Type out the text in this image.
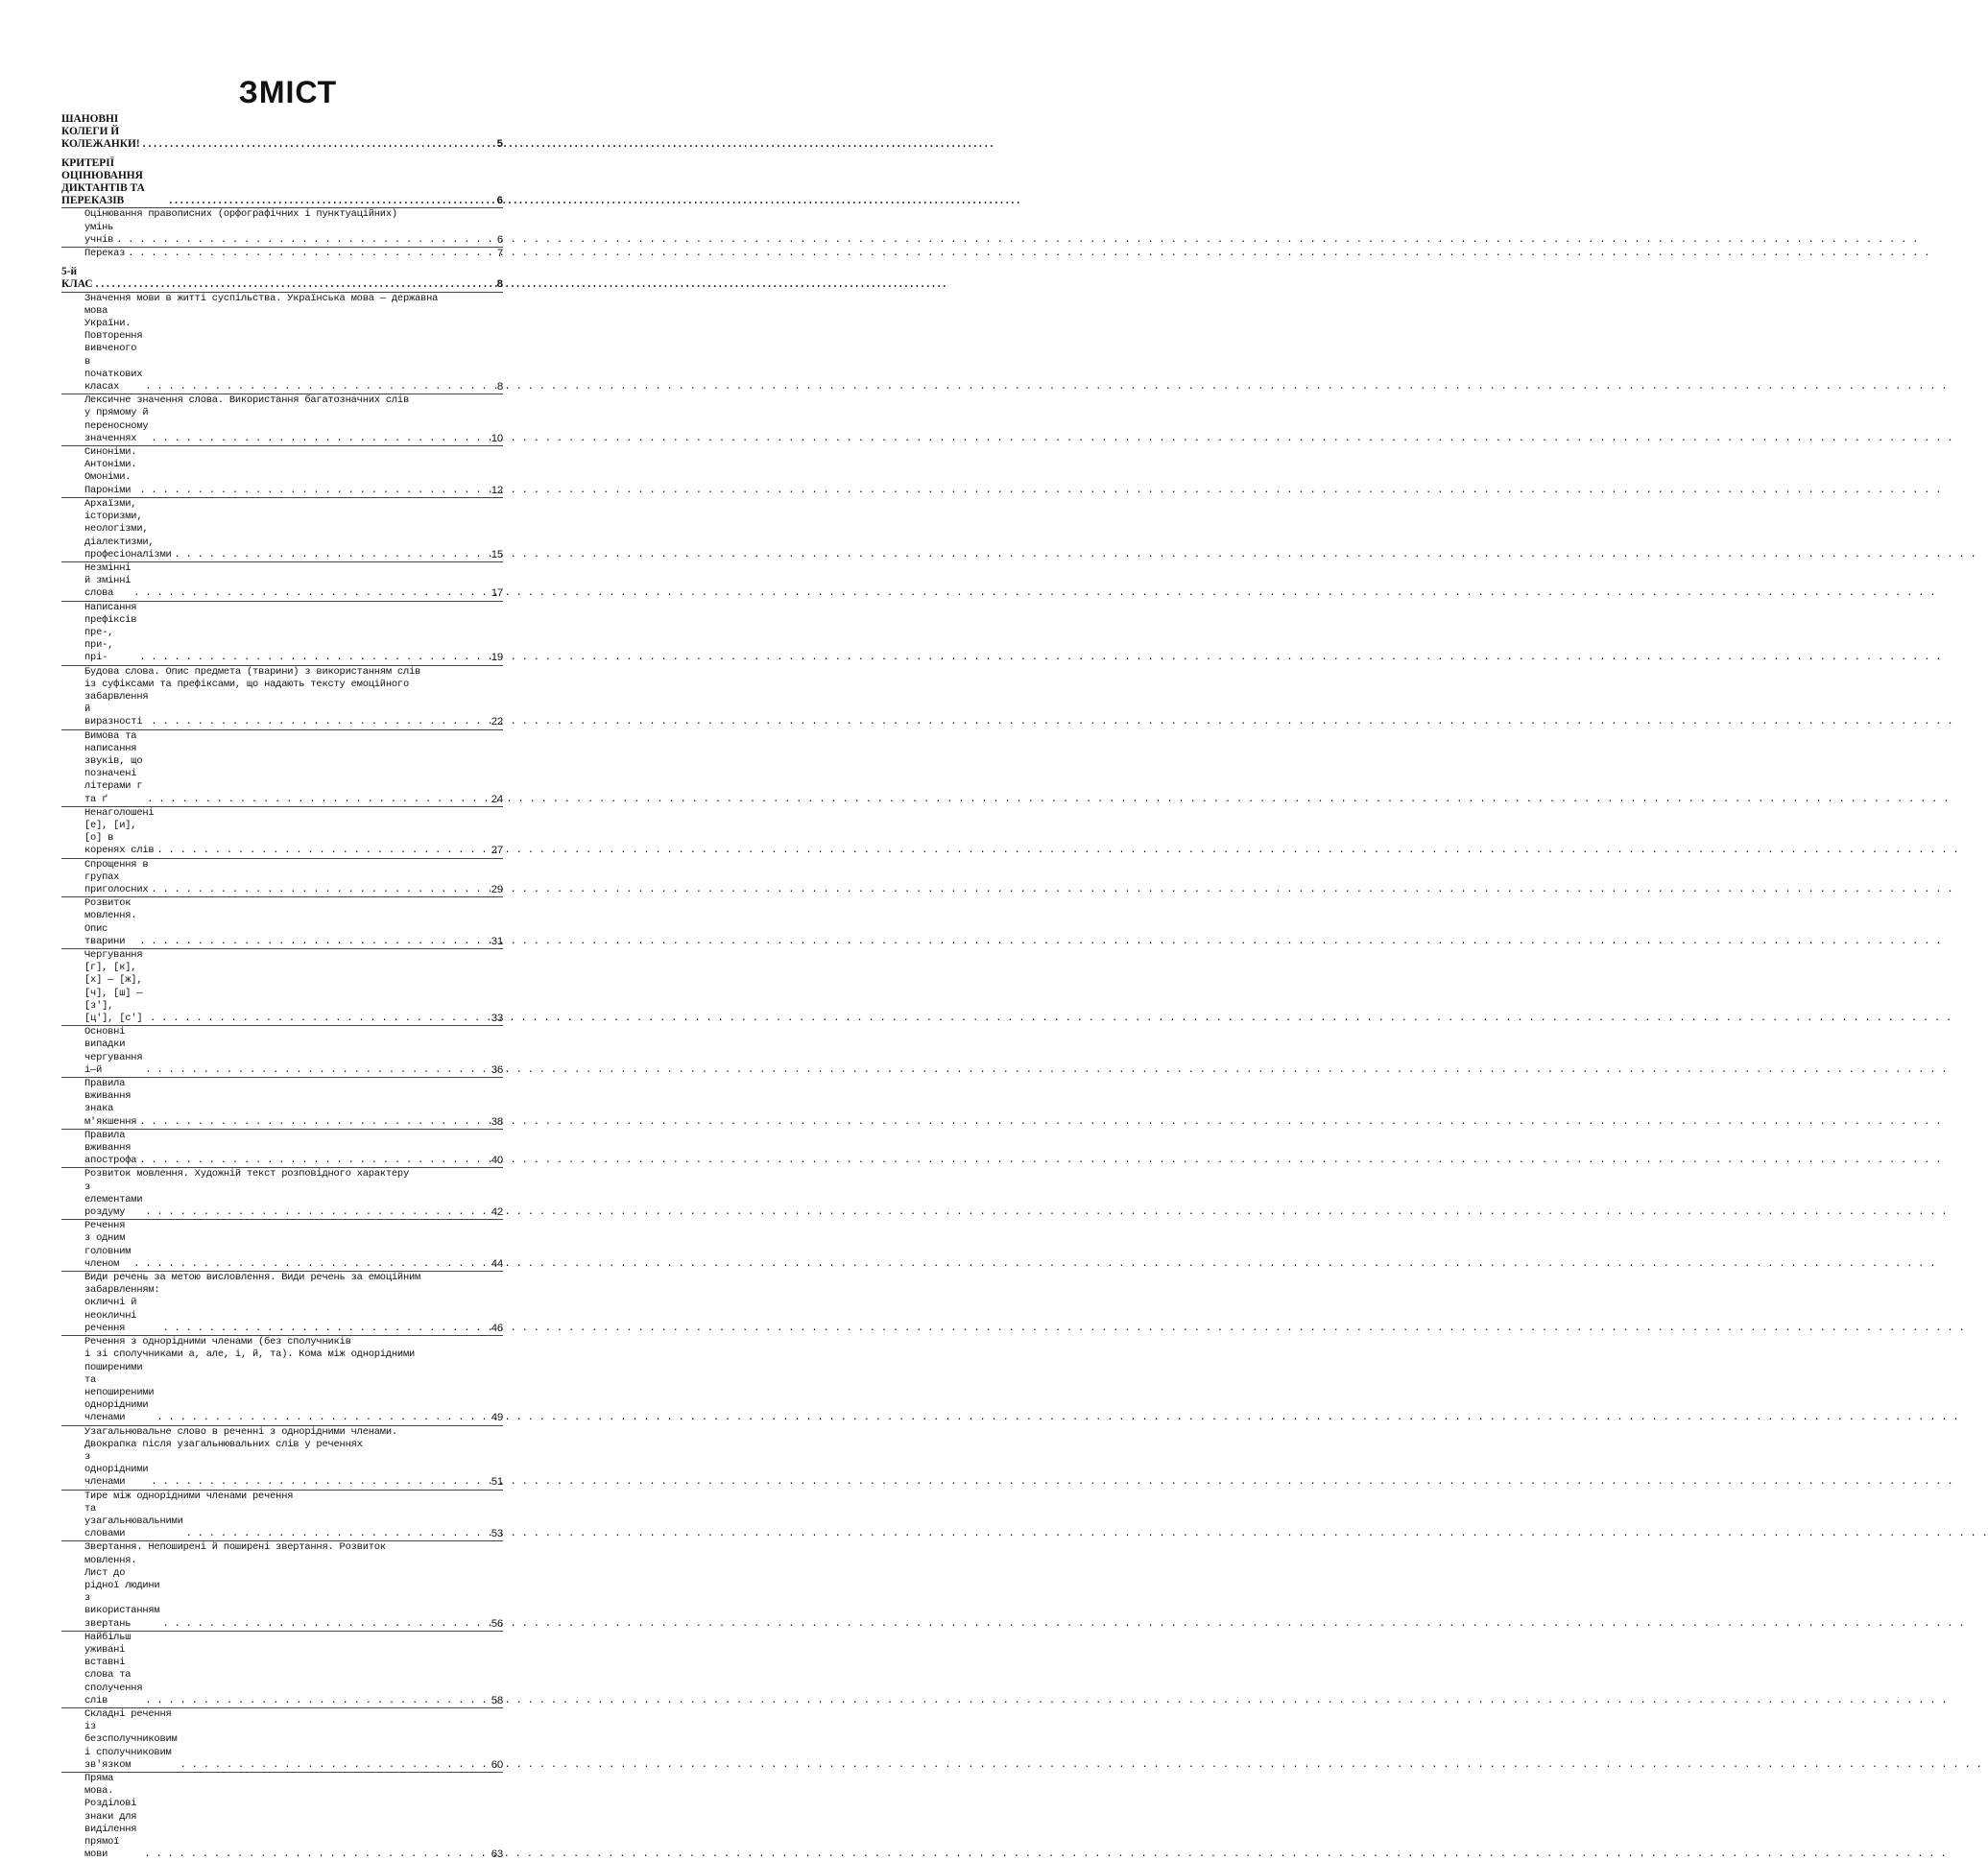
ЗМІСТ
ШАНОВНІ КОЛЕГИ Й КОЛЕЖАНКИ! . . .	5
КРИТЕРІЇ ОЦІНЮВАННЯ ДИКТАНТІВ ТА ПЕРЕКАЗІВ . . .	6
Оцінювання правописних (орфографічних і пунктуаційних)
умінь учнів . . .	6
Переказ . . .	7
5-й КЛАС . . .	8
Значення мови в житті суспільства. Українська мова — державна
мова України. Повторення вивченого в початкових класах . . .	8
Лексичне значення слова. Використання багатозначних слів
у прямому й переносному значеннях . . .	10
Синоніми. Антоніми. Омоніми. Пароніми . . .	12
Архаїзми, історизми, неологізми, діалектизми, професіоналізми . . .	15
Незмінні й змінні слова . . .	17
Написання префіксів пре-, при-, прі- . . .	19
Будова слова. Опис предмета (тварини) з використанням слів
із суфіксами та префіксами, що надають тексту емоційного
забарвлення й виразності . . .	22
Вимова та написання звуків, що позначені літерами г та ґ . . .	24
Ненаголошені [е], [и], [о] в коренях слів . . .	27
Спрощення в групах приголосних . . .	29
Розвиток мовлення. Опис тварини . . .	31
Чергування [г], [к], [х] — [ж], [ч], [ш] — [з'], [ц'], [с'] . . .	33
Основні випадки чергування і—й . . .	36
Правила вживання знака м'якшення . . .	38
Правила вживання апострофа . . .	40
Розвиток мовлення. Художній текст розповідного характеру
з елементами роздуму . . .	42
Речення з одним головним членом . . .	44
Види речень за метою висловлення. Види речень за емоційним
забарвленням: окличні й неокличні речення . . .	46
Речення з однорідними членами (без сполучників
і зі сполучниками а, але, і, й, та). Кома між однорідними
поширеними та непоширеними однорідними членами . . .	49
Узагальнювальне слово в реченні з однорідними членами.
Двокрапка після узагальнювальних слів у реченнях
з однорідними членами . . .	51
Тире між однорідними членами речення
та узагальнювальними словами . . .	53
Звертання. Непоширені й поширені звертання. Розвиток
мовлення. Лист до рідної людини з використанням звертань . . .	56
Найбільш уживані вставні слова та сполучення слів . . .	58
Складні речення із безсполучниковим і сполучниковим зв'язком . . .	60
Пряма мова. Розділові знаки для виділення прямої мови . . .	63
